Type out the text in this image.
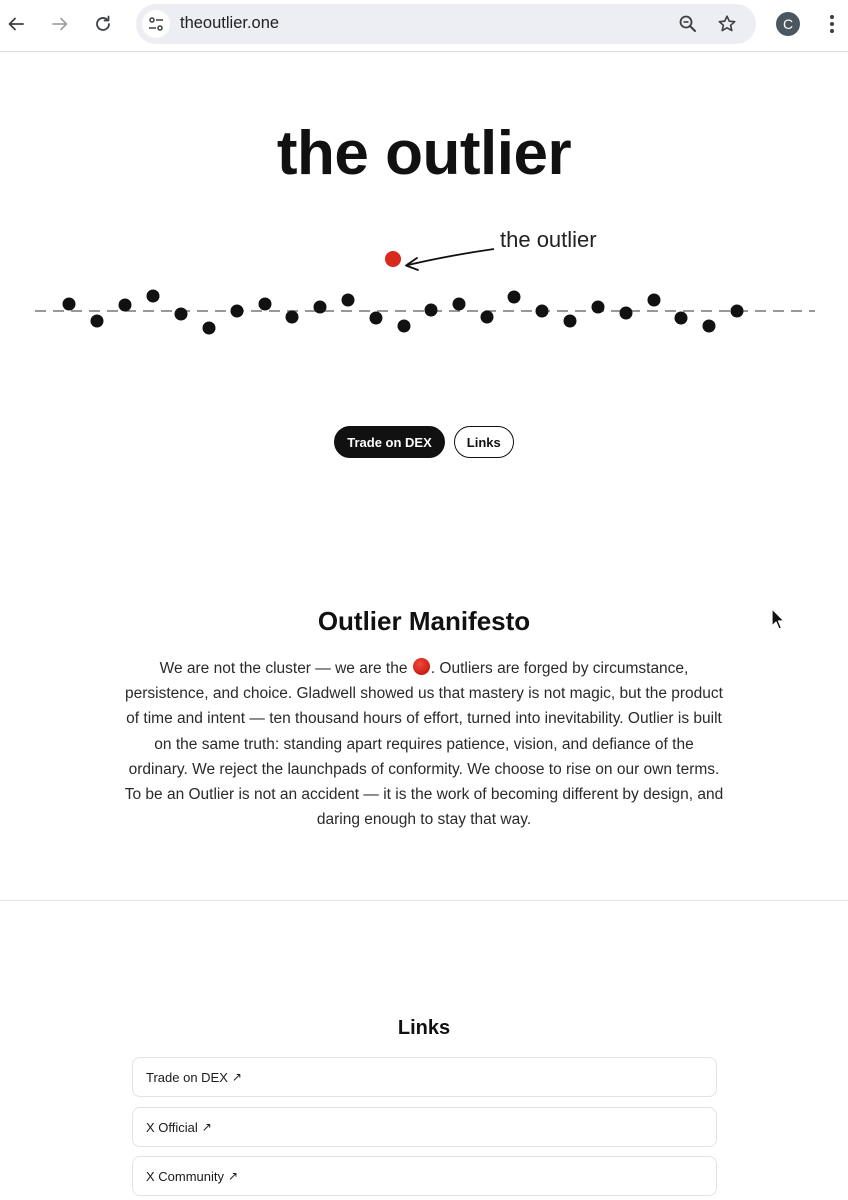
theoutlier.one	C
the outlier
the outlier
Trade on DEX	Links
Outlier Manifesto

We are not the cluster — we are the . Outliers are forged by circumstance, persistence, and choice. Gladwell showed us that mastery is not magic, but the product of time and intent — ten thousand hours of effort, turned into inevitability. Outlier is built on the same truth: standing apart requires patience, vision, and defiance of the ordinary. We reject the launchpads of conformity. We choose to rise on our own terms. To be an Outlier is not an accident — it is the work of becoming different by design, and daring enough to stay that way.

Links
Trade on DEX ↗
X Official ↗
X Community ↗
